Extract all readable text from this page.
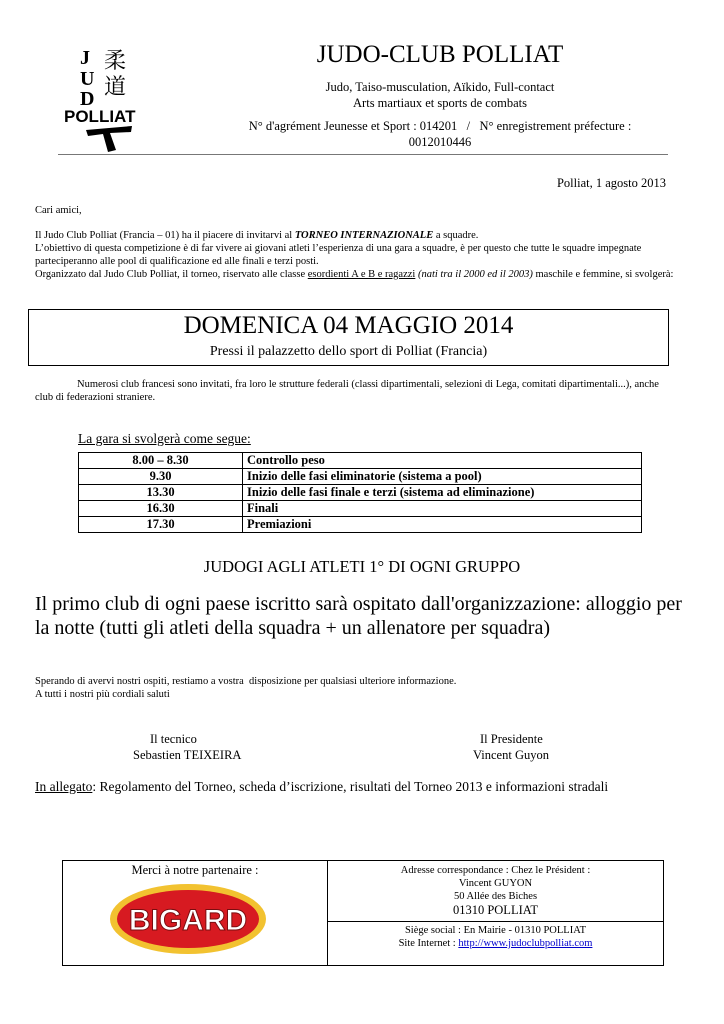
J
U
D
柔
道
POLLIAT
JUDO-CLUB POLLIAT
Judo, Taiso-musculation, Aïkido, Full-contact
Arts martiaux et sports de combats
N° d'agrément Jeunesse et Sport : 014201   /   N° enregistrement préfecture :
0012010446
Polliat, 1 agosto 2013
Cari amici,
Il Judo Club Polliat (Francia – 01) ha il piacere di invitarvi al TORNEO INTERNAZIONALE a squadre.
L’obiettivo di questa competizione è di far vivere ai giovani atleti l’esperienza di una gara a squadre, è per questo che tutte le squadre impegnate parteciperanno alle pool di qualificazione ed alle finali e terzi posti.
Organizzato dal Judo Club Polliat, il torneo, riservato alle classe esordienti A e B e ragazzi (nati tra il 2000 ed il 2003) maschile e femmine, si svolgerà:
DOMENICA 04 MAGGIO 2014
Pressi il palazzetto dello sport di Polliat (Francia)
Numerosi club francesi sono invitati, fra loro le strutture federali (classi dipartimentali, selezioni di Lega, comitati dipartimentali...), anche club di federazioni straniere.
La gara si svolgerà come segue:
8.00 – 8.30	Controllo peso
9.30	Inizio delle fasi eliminatorie (sistema a pool)
13.30	Inizio delle fasi finale e terzi (sistema ad eliminazione)
16.30	Finali
17.30	Premiazioni
JUDOGI AGLI ATLETI 1° DI OGNI GRUPPO
Il primo club di ogni paese iscritto sarà ospitato dall'organizzazione: alloggio per la notte (tutti gli atleti della squadra + un allenatore per squadra)
Sperando di avervi nostri ospiti, restiamo a vostra  disposizione per qualsiasi ulteriore informazione.
A tutti i nostri più cordiali saluti
Il tecnico
Sebastien TEIXEIRA
Il Presidente
Vincent Guyon
In allegato: Regolamento del Torneo, scheda d’iscrizione, risultati del Torneo 2013 e informazioni stradali
Merci à notre partenaire :
BIGARD
Adresse correspondance : Chez le Président :
Vincent GUYON
50 Allée des Biches
01310 POLLIAT
Siège social : En Mairie - 01310 POLLIAT
Site Internet : http://www.judoclubpolliat.com
